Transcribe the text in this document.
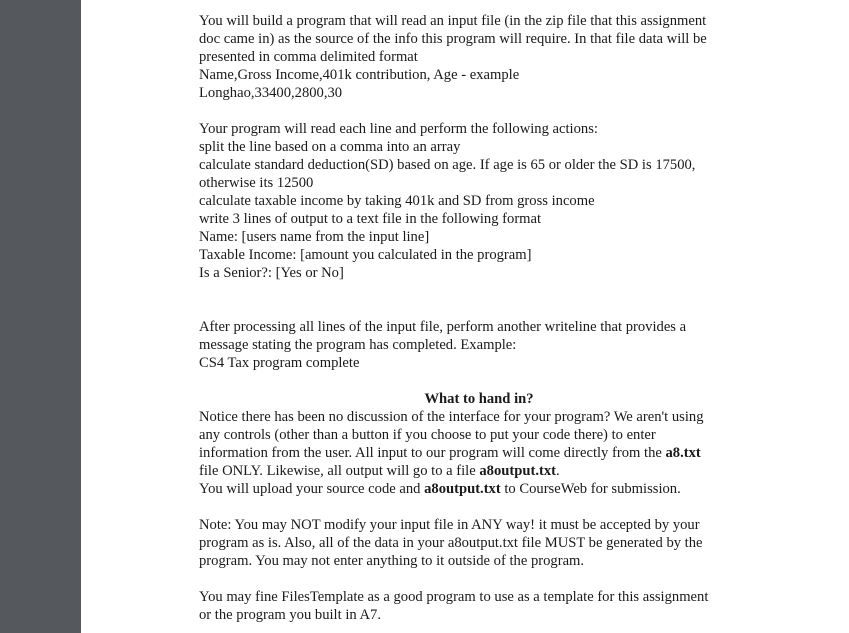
You will build a program that will read an input file (in the zip file that this assignment
doc came in) as the source of the info this program will require. In that file data will be
presented in comma delimited format
Name,Gross Income,401k contribution, Age - example
Longhao,33400,2800,30
Your program will read each line and perform the following actions:
split the line based on a comma into an array
calculate standard deduction(SD) based on age. If age is 65 or older the SD is 17500,
otherwise its 12500
calculate taxable income by taking 401k and SD from gross income
write 3 lines of output to a text file in the following format
Name: [users name from the input line]
Taxable Income: [amount you calculated in the program]
Is a Senior?: [Yes or No]
After processing all lines of the input file, perform another writeline that provides a
message stating the program has completed. Example:
CS4 Tax program complete
What to hand in?
Notice there has been no discussion of the interface for your program? We aren't using
any controls (other than a button if you choose to put your code there) to enter
information from the user. All input to our program will come directly from the a8.txt
file ONLY. Likewise, all output will go to a file a8output.txt.
You will upload your source code and a8output.txt to CourseWeb for submission.
Note: You may NOT modify your input file in ANY way! it must be accepted by your
program as is. Also, all of the data in your a8output.txt file MUST be generated by the
program. You may not enter anything to it outside of the program.
You may fine FilesTemplate as a good program to use as a template for this assignment
or the program you built in A7.
